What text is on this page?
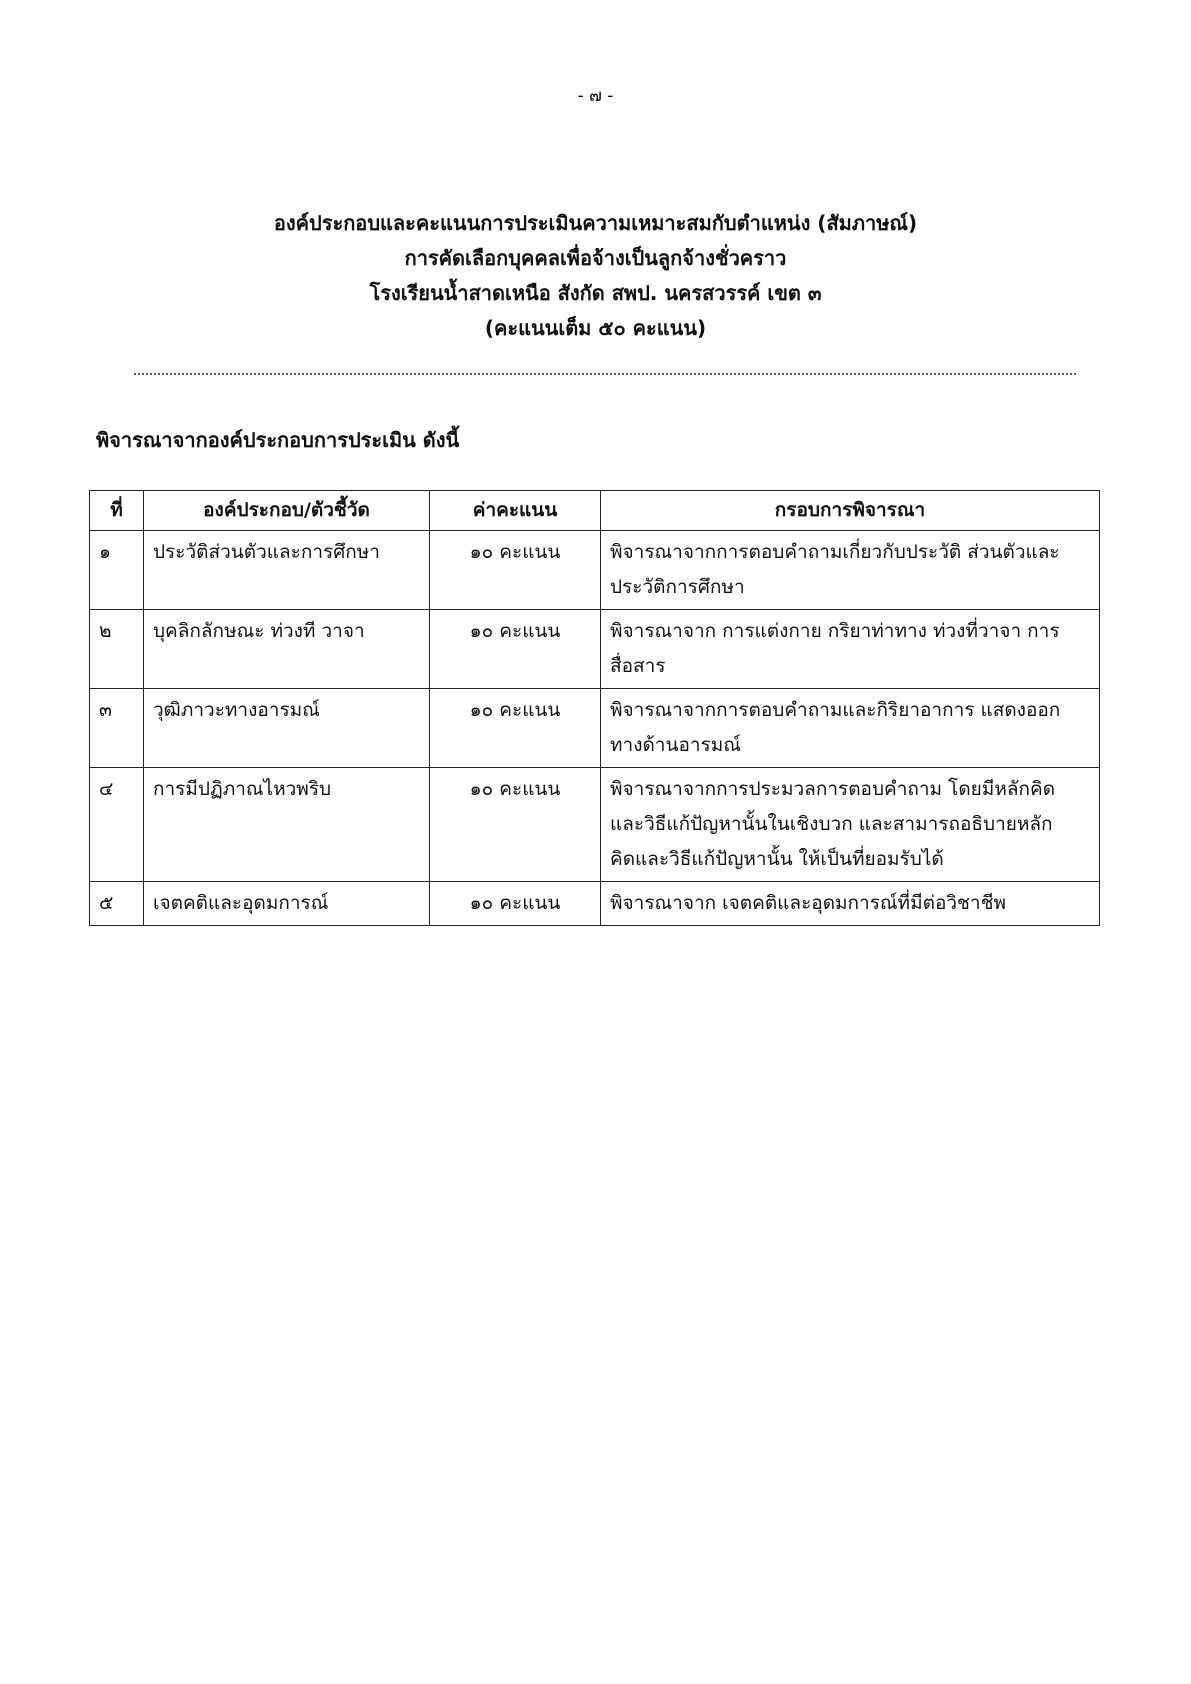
- ๗ -
องค์ประกอบและคะแนนการประเมินความเหมาะสมกับตำแหน่ง (สัมภาษณ์)
การคัดเลือกบุคคลเพื่อจ้างเป็นลูกจ้างชั่วคราว
โรงเรียนน้ำสาดเหนือ สังกัด สพป. นครสวรรค์ เขต ๓
(คะแนนเต็ม ๕๐ คะแนน)
พิจารณาจากองค์ประกอบการประเมิน ดังนี้
ที่	องค์ประกอบ/ตัวชี้วัด	ค่าคะแนน	กรอบการพิจารณา
๑	ประวัติส่วนตัวและการศึกษา	๑๐ คะแนน	พิจารณาจากการตอบคำถามเกี่ยวกับประวัติ ส่วนตัวและ
ประวัติการศึกษา

๒	บุคลิกลักษณะ ท่วงที วาจา	๑๐ คะแนน	พิจารณาจาก การแต่งกาย กริยาท่าทาง ท่วงที่วาจา การ
สื่อสาร

๓	วุฒิภาวะทางอารมณ์	๑๐ คะแนน	พิจารณาจากการตอบคำถามและกิริยาอาการ แสดงออก
ทางด้านอารมณ์

๔	การมีปฏิภาณไหวพริบ	๑๐ คะแนน	พิจารณาจากการประมวลการตอบคำถาม โดยมีหลักคิด
และวิธีแก้ปัญหานั้นในเชิงบวก และสามารถอธิบายหลัก
คิดและวิธีแก้ปัญหานั้น ให้เป็นที่ยอมรับได้

๕	เจตคติและอุดมการณ์	๑๐ คะแนน	พิจารณาจาก เจตคติและอุดมการณ์ที่มีต่อวิชาชีพ
